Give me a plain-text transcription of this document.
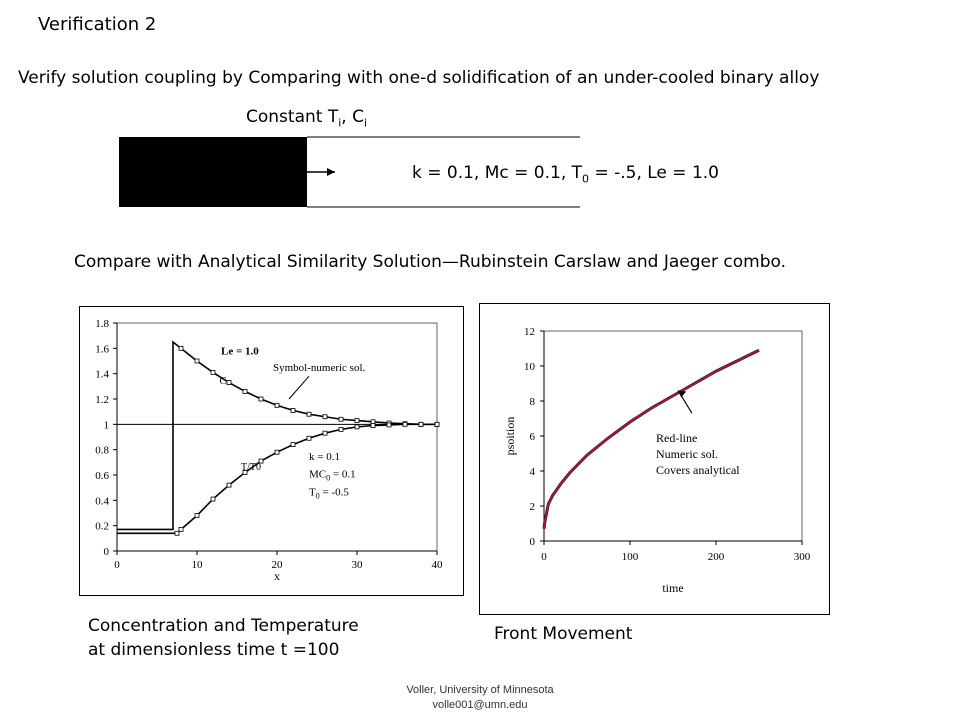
Verification 2
Verify solution coupling by Comparing with one-d solidification of an under-cooled binary alloy
Constant $T_i$, $C_i$
k = 0.1, Mc = 0.1, $T_0 = -.5$, Le = 1.0
Compare with Analytical Similarity Solution—Rubinstein Carslaw and Jaeger combo.
0
0.2
0.4
0.6
0.8
1
1.2
1.4
1.6
1.8
0	10	20	30	40
x
Le = 1.0
C
Symbol-numeric sol.
T/T0
k = 0.1
$MC_0 = 0.1$
$T_0 = -0.5$
0
2
4
6
8
10
12
0	100	200	300
time
psoition	Red-line
Numeric sol.
Covers analytical
Concentration and Temperature
at dimensionless time t =100
Front Movement
Voller, University of Minnesota
volle001@umn.edu
